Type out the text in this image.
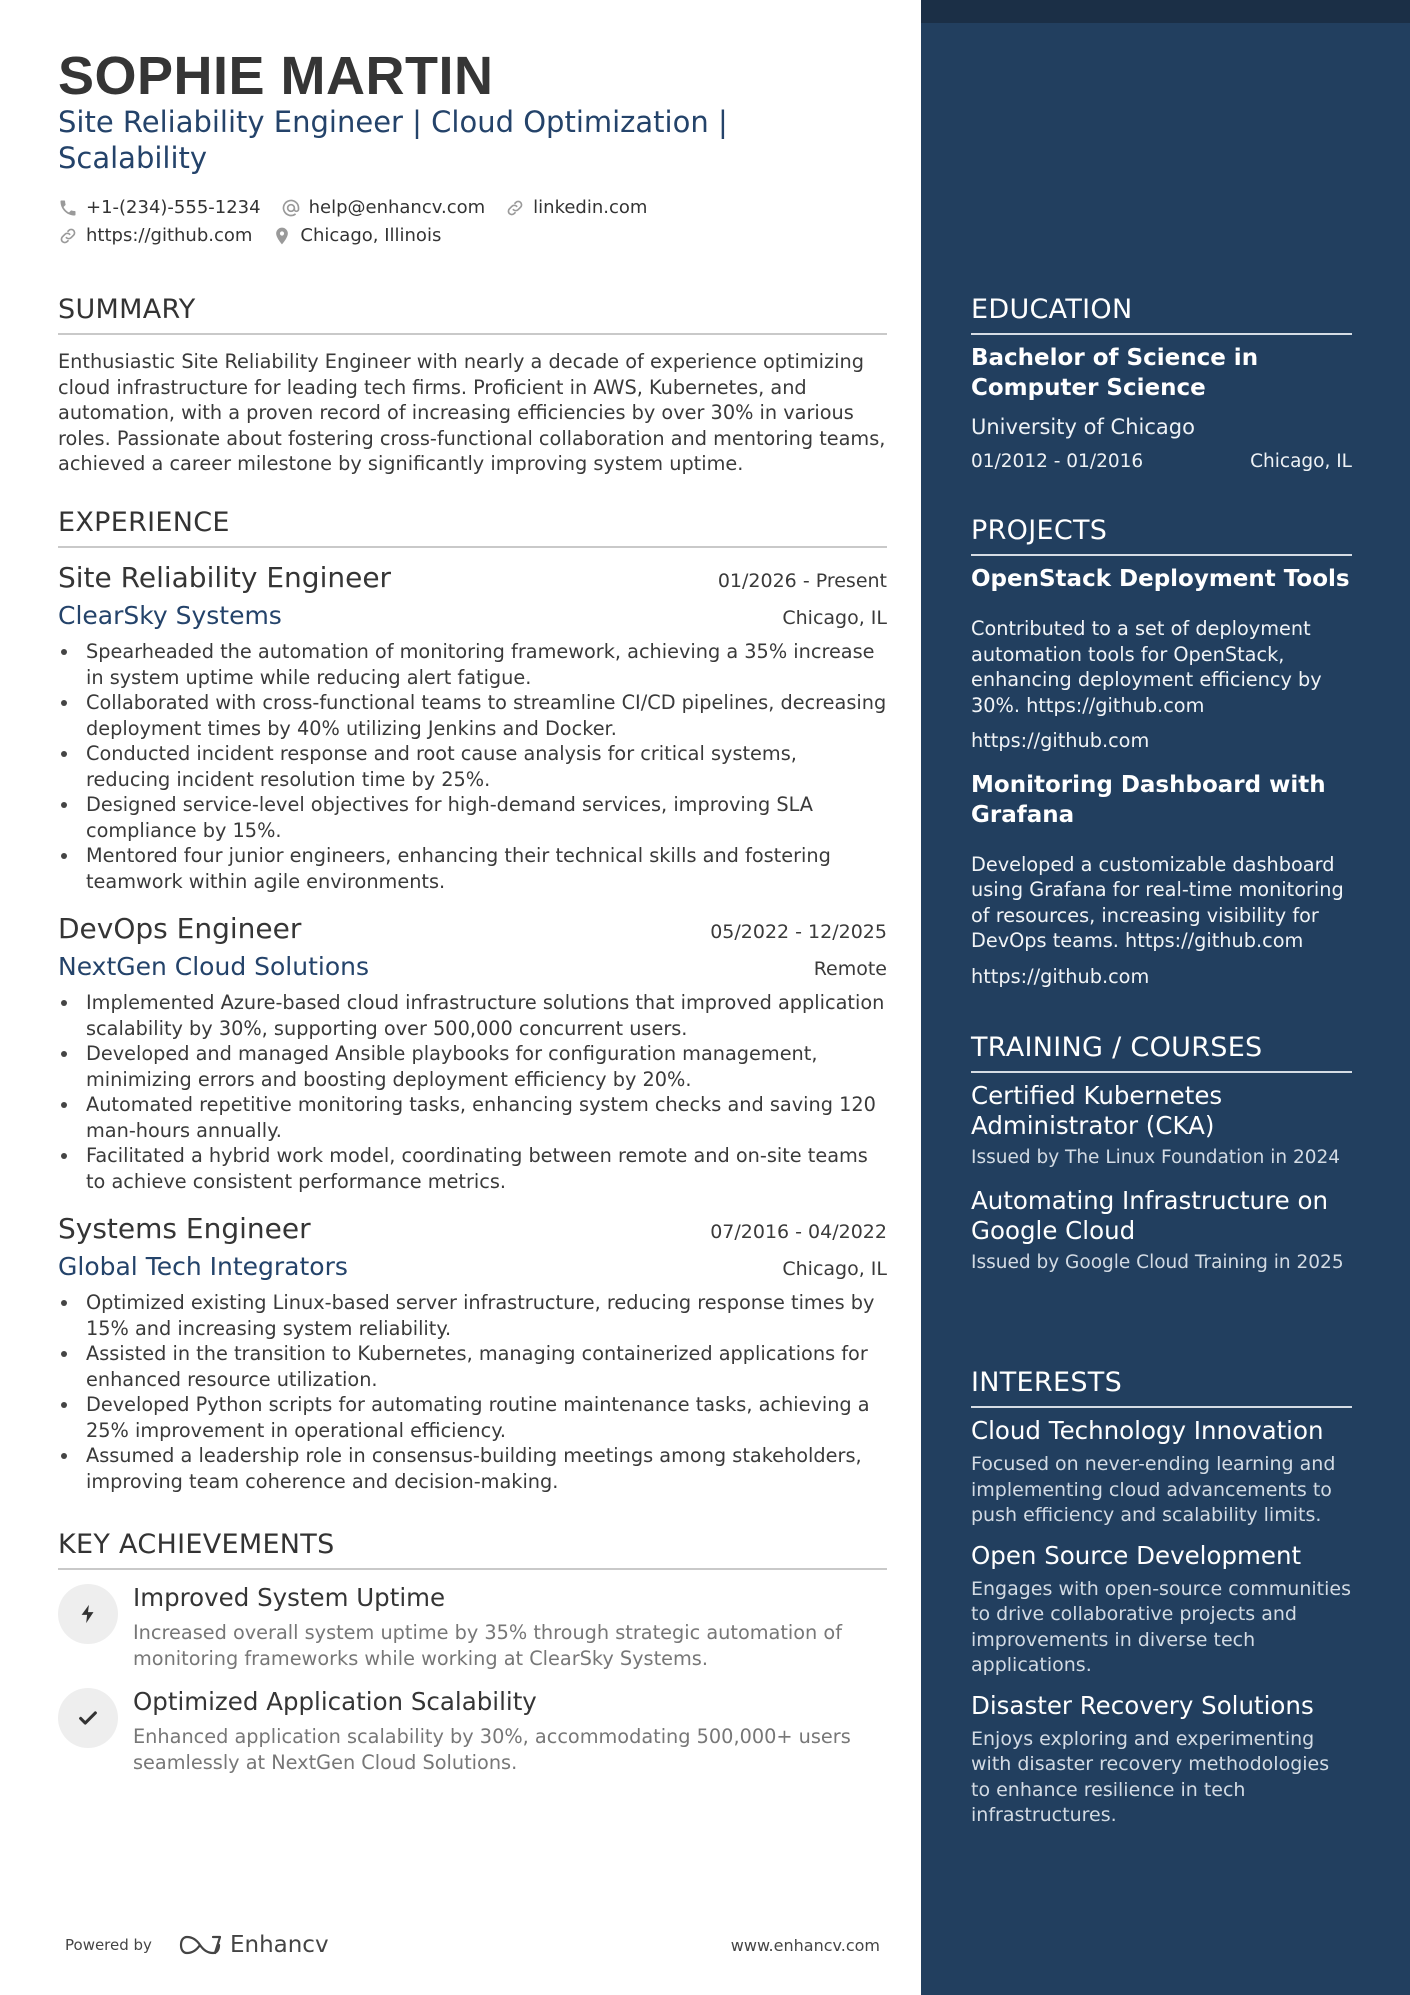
SOPHIE MARTIN
Site Reliability Engineer | Cloud Optimization | Scalability
+1-(234)-555-1234	help@enhancv.com	linkedin.com
https://github.com	Chicago, Illinois
SUMMARY
Enthusiastic Site Reliability Engineer with nearly a decade of experience optimizing cloud infrastructure for leading tech firms. Proficient in AWS, Kubernetes, and automation, with a proven record of increasing efficiencies by over 30% in various roles. Passionate about fostering cross-functional collaboration and mentoring teams, achieved a career milestone by significantly improving system uptime.
EXPERIENCE
Site Reliability Engineer	01/2026 - Present
ClearSky Systems	Chicago, IL
Spearheaded the automation of monitoring framework, achieving a 35% increase in system uptime while reducing alert fatigue.
Collaborated with cross-functional teams to streamline CI/CD pipelines, decreasing deployment times by 40% utilizing Jenkins and Docker.
Conducted incident response and root cause analysis for critical systems, reducing incident resolution time by 25%.
Designed service-level objectives for high-demand services, improving SLA compliance by 15%.
Mentored four junior engineers, enhancing their technical skills and fostering teamwork within agile environments.
DevOps Engineer	05/2022 - 12/2025
NextGen Cloud Solutions	Remote
Implemented Azure-based cloud infrastructure solutions that improved application scalability by 30%, supporting over 500,000 concurrent users.
Developed and managed Ansible playbooks for configuration management, minimizing errors and boosting deployment efficiency by 20%.
Automated repetitive monitoring tasks, enhancing system checks and saving 120 man-hours annually.
Facilitated a hybrid work model, coordinating between remote and on-site teams to achieve consistent performance metrics.
Systems Engineer	07/2016 - 04/2022
Global Tech Integrators	Chicago, IL
Optimized existing Linux-based server infrastructure, reducing response times by 15% and increasing system reliability.
Assisted in the transition to Kubernetes, managing containerized applications for enhanced resource utilization.
Developed Python scripts for automating routine maintenance tasks, achieving a 25% improvement in operational efficiency.
Assumed a leadership role in consensus-building meetings among stakeholders, improving team coherence and decision-making.
KEY ACHIEVEMENTS
Improved System Uptime
Increased overall system uptime by 35% through strategic automation of monitoring frameworks while working at ClearSky Systems.
Optimized Application Scalability
Enhanced application scalability by 30%, accommodating 500,000+ users seamlessly at NextGen Cloud Solutions.
Powered by	Enhancv	www.enhancv.com
EDUCATION
Bachelor of Science in Computer Science
University of Chicago
01/2012 - 01/2016	Chicago, IL
PROJECTS
OpenStack Deployment Tools
Contributed to a set of deployment automation tools for OpenStack, enhancing deployment efficiency by 30%. https://github.com
https://github.com
Monitoring Dashboard with Grafana
Developed a customizable dashboard using Grafana for real-time monitoring of resources, increasing visibility for DevOps teams. https://github.com
https://github.com
TRAINING / COURSES
Certified Kubernetes Administrator (CKA)
Issued by The Linux Foundation in 2024
Automating Infrastructure on Google Cloud
Issued by Google Cloud Training in 2025
INTERESTS
Cloud Technology Innovation
Focused on never-ending learning and implementing cloud advancements to push efficiency and scalability limits.
Open Source Development
Engages with open-source communities to drive collaborative projects and improvements in diverse tech applications.
Disaster Recovery Solutions
Enjoys exploring and experimenting with disaster recovery methodologies to enhance resilience in tech infrastructures.
